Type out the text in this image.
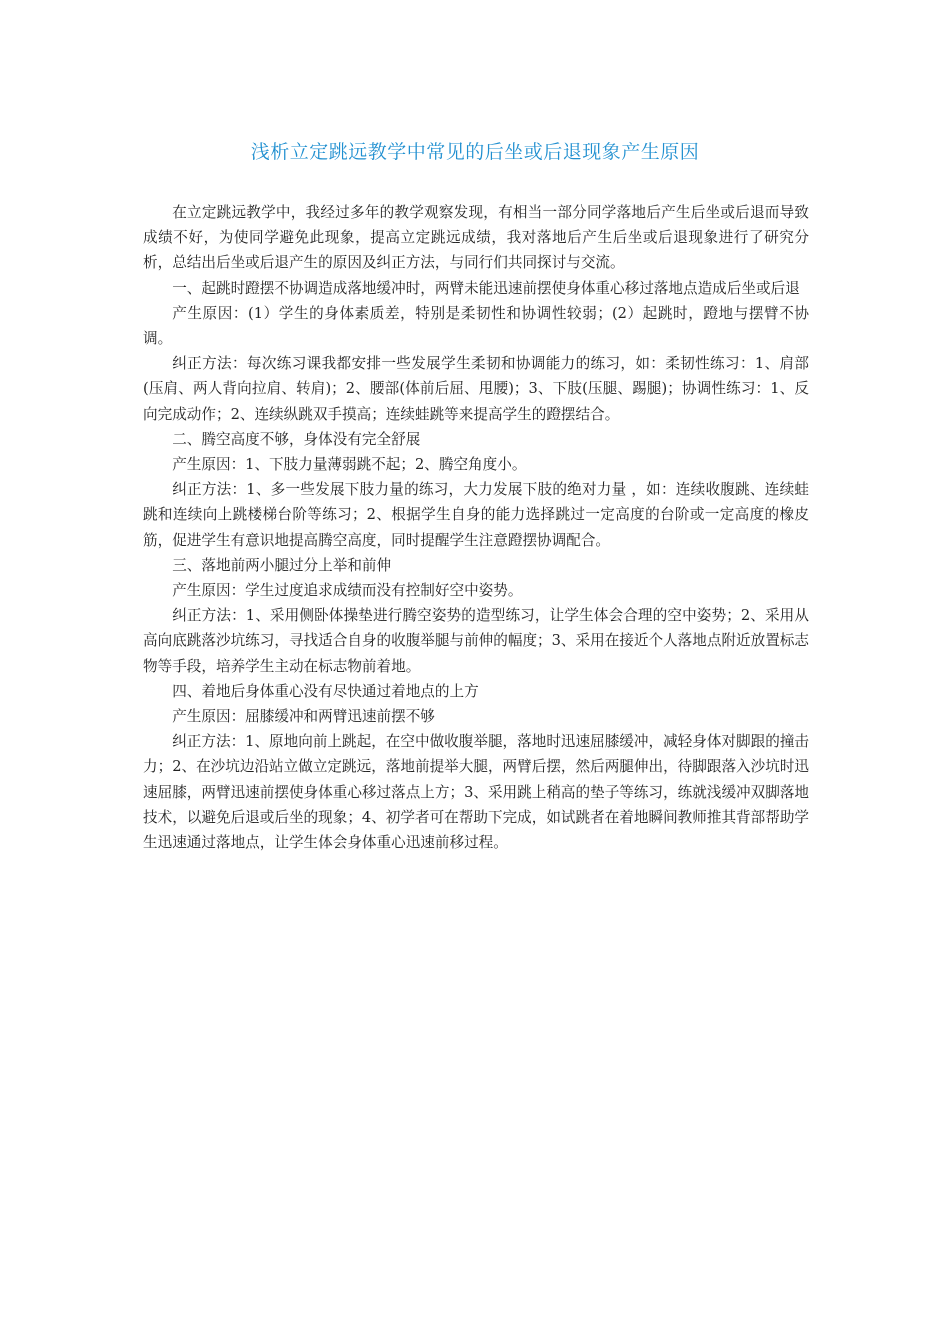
浅析立定跳远教学中常见的后坐或后退现象产生原因

在立定跳远教学中，我经过多年的教学观察发现，有相当一部分同学落地后产生后坐或后退而导致成绩不好，为使同学避免此现象，提高立定跳远成绩，我对落地后产生后坐或后退现象进行了研究分析，总结出后坐或后退产生的原因及纠正方法，与同行们共同探讨与交流。

一、起跳时蹬摆不协调造成落地缓冲时，两臂未能迅速前摆使身体重心移过落地点造成后坐或后退

产生原因：(1）学生的身体素质差，特别是柔韧性和协调性较弱；(2）起跳时，蹬地与摆臂不协调。

纠正方法：每次练习课我都安排一些发展学生柔韧和协调能力的练习，如：柔韧性练习：1、肩部(压肩、两人背向拉肩、转肩)；2、腰部(体前后屈、甩腰)；3、下肢(压腿、踢腿)；协调性练习：1、反向完成动作；2、连续纵跳双手摸高；连续蛙跳等来提高学生的蹬摆结合。

二、腾空高度不够，身体没有完全舒展

产生原因：1、下肢力量薄弱跳不起；2、腾空角度小。

纠正方法：1、多一些发展下肢力量的练习，大力发展下肢的绝对力量 ，如：连续收腹跳、连续蛙跳和连续向上跳楼梯台阶等练习；2、根据学生自身的能力选择跳过一定高度的台阶或一定高度的橡皮筋，促进学生有意识地提高腾空高度，同时提醒学生注意蹬摆协调配合。

三、落地前两小腿过分上举和前伸

产生原因：学生过度追求成绩而没有控制好空中姿势。

纠正方法：1、采用侧卧体操垫进行腾空姿势的造型练习，让学生体会合理的空中姿势；2、采用从高向底跳落沙坑练习，寻找适合自身的收腹举腿与前伸的幅度；3、采用在接近个人落地点附近放置标志物等手段，培养学生主动在标志物前着地。

四、着地后身体重心没有尽快通过着地点的上方

产生原因：屈膝缓冲和两臂迅速前摆不够

纠正方法：1、原地向前上跳起，在空中做收腹举腿，落地时迅速屈膝缓冲，减轻身体对脚跟的撞击力；2、在沙坑边沿站立做立定跳远，落地前提举大腿，两臂后摆，然后两腿伸出，待脚跟落入沙坑时迅速屈膝，两臂迅速前摆使身体重心移过落点上方；3、采用跳上稍高的垫子等练习，练就浅缓冲双脚落地技术，以避免后退或后坐的现象；4、初学者可在帮助下完成，如试跳者在着地瞬间教师推其背部帮助学生迅速通过落地点，让学生体会身体重心迅速前移过程。
